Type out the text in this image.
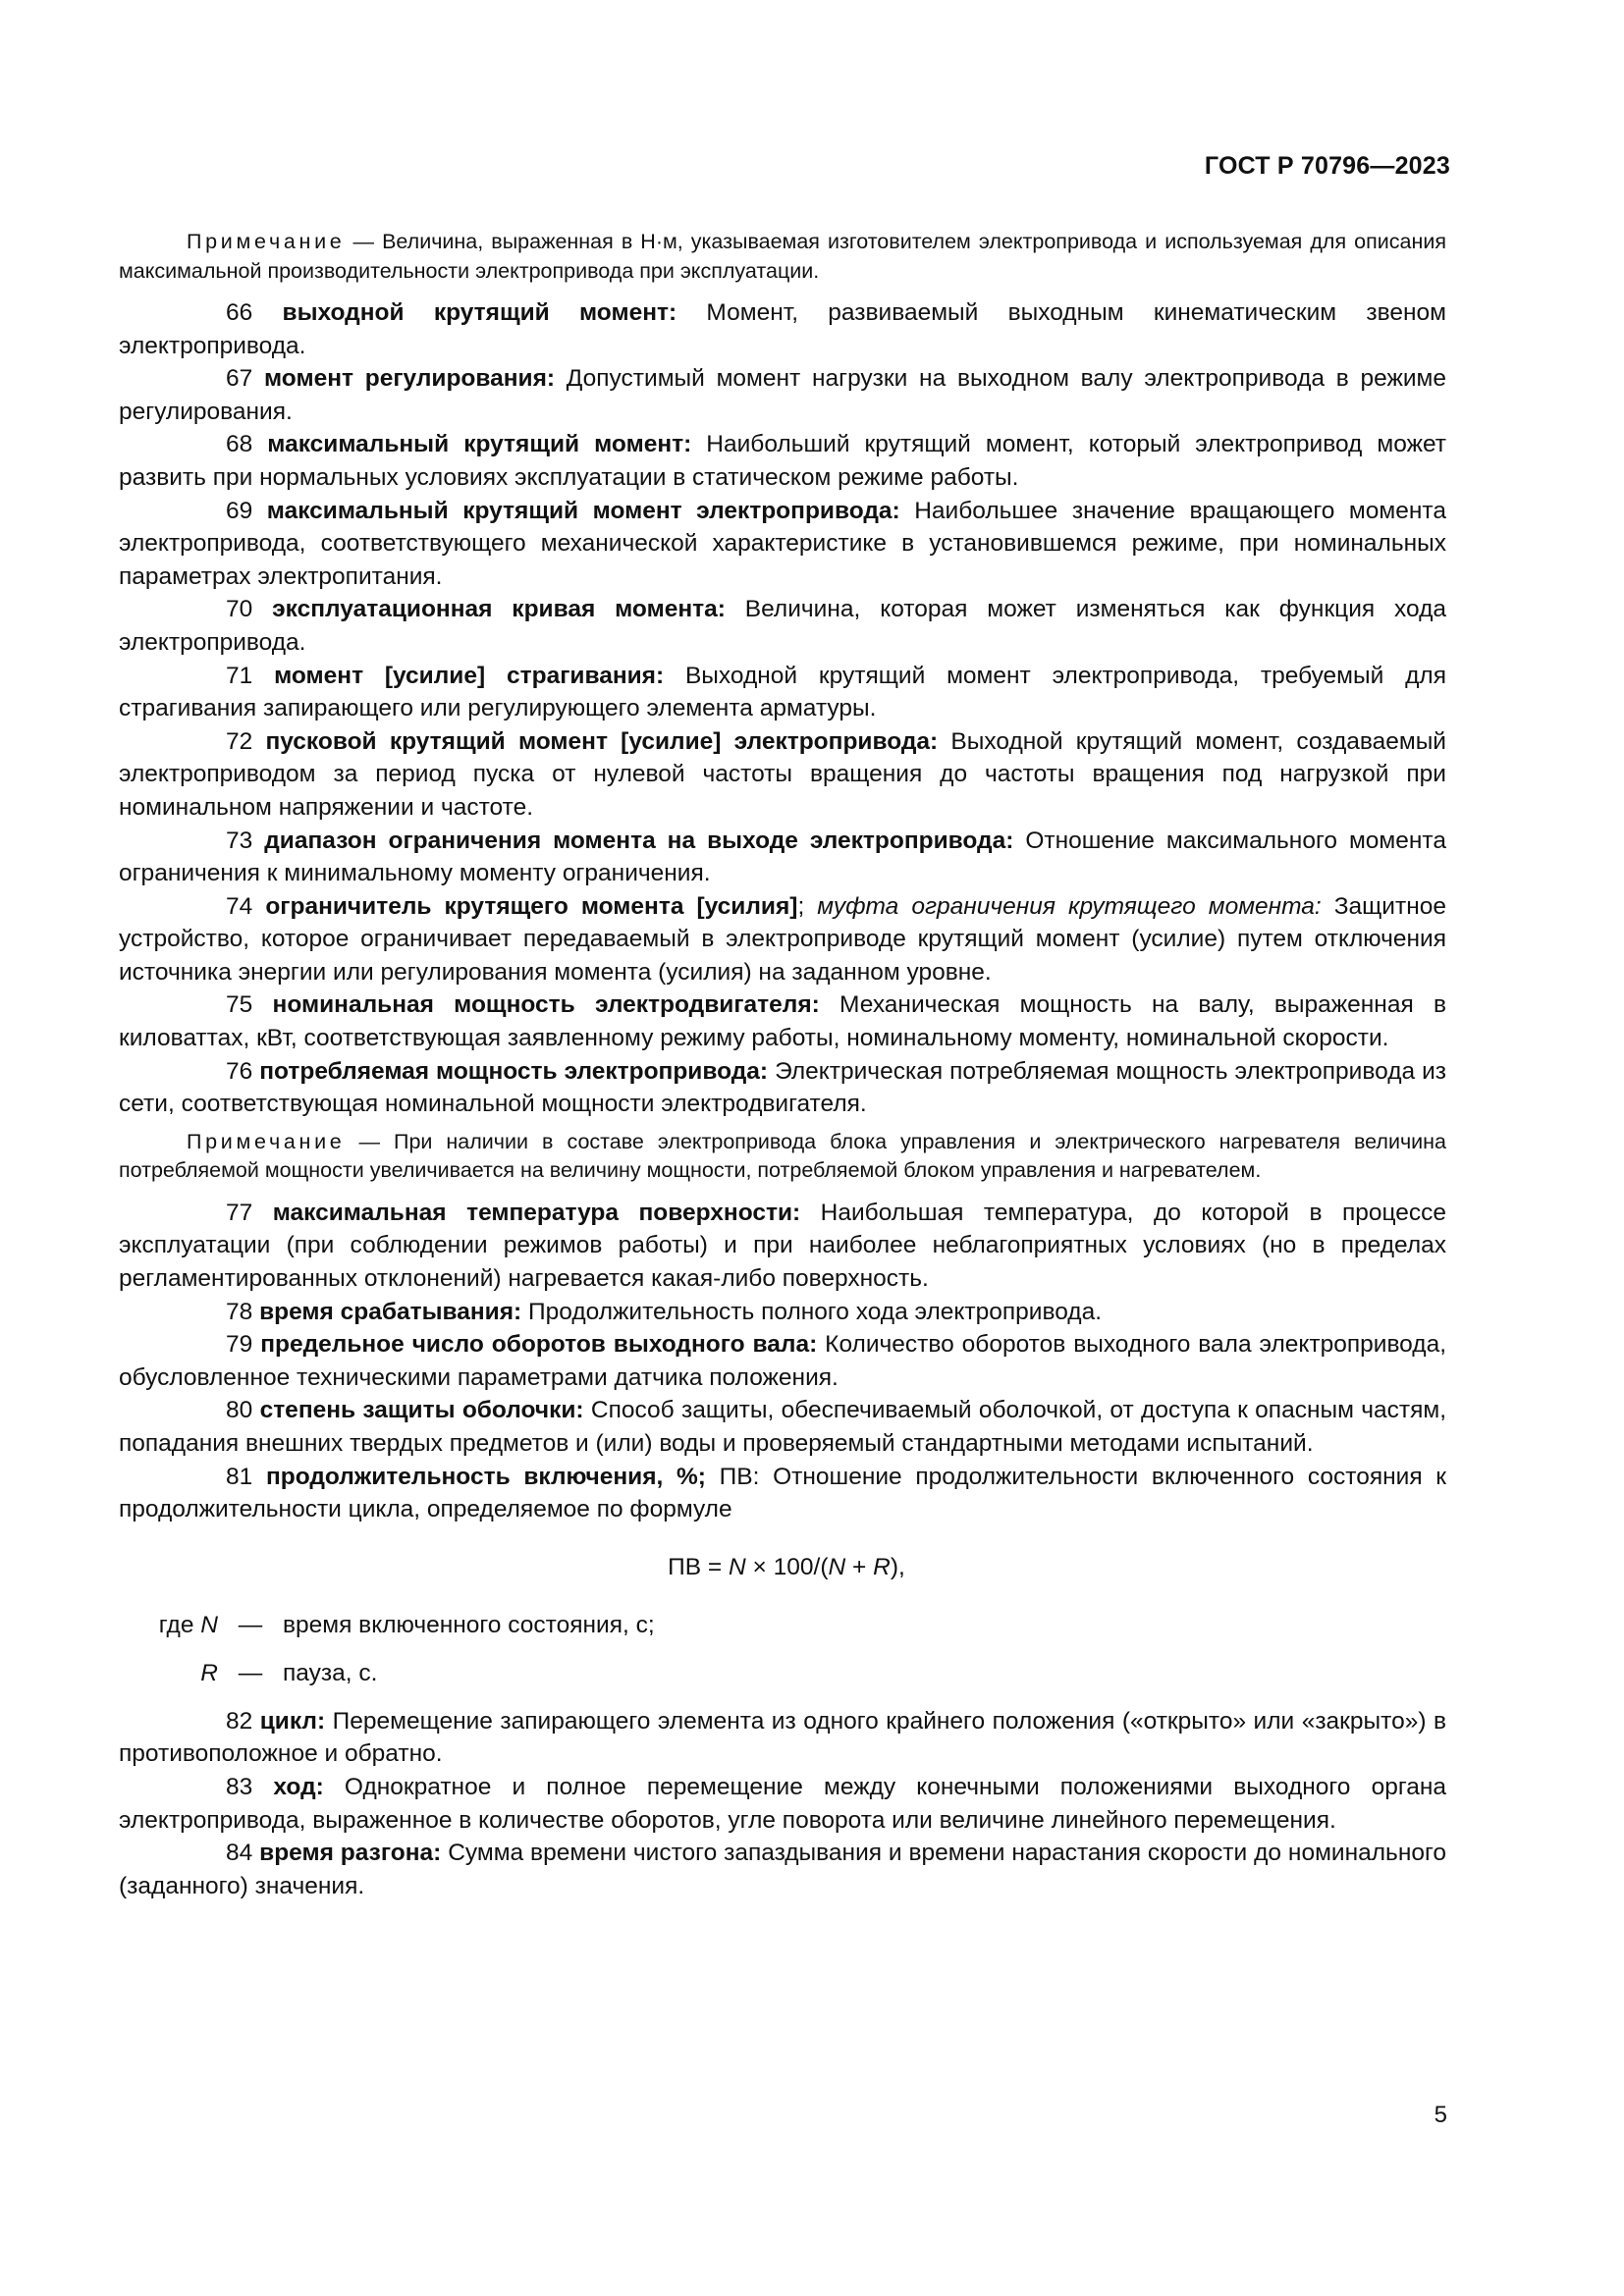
ГОСТ Р 70796—2023

Примечание — Величина, выраженная в Н·м, указываемая изготовителем электропривода и используемая для описания максимальной производительности электропривода при эксплуатации.

66 выходной крутящий момент: Момент, развиваемый выходным кинематическим звеном электропривода.

67 момент регулирования: Допустимый момент нагрузки на выходном валу электропривода в режиме регулирования.

68 максимальный крутящий момент: Наибольший крутящий момент, который электропривод может развить при нормальных условиях эксплуатации в статическом режиме работы.

69 максимальный крутящий момент электропривода: Наибольшее значение вращающего момента электропривода, соответствующего механической характеристике в установившемся режиме, при номинальных параметрах электропитания.

70 эксплуатационная кривая момента: Величина, которая может изменяться как функция хода электропривода.

71 момент [усилие] страгивания: Выходной крутящий момент электропривода, требуемый для страгивания запирающего или регулирующего элемента арматуры.

72 пусковой крутящий момент [усилие] электропривода: Выходной крутящий момент, создаваемый электроприводом за период пуска от нулевой частоты вращения до частоты вращения под нагрузкой при номинальном напряжении и частоте.

73 диапазон ограничения момента на выходе электропривода: Отношение максимального момента ограничения к минимальному моменту ограничения.

74 ограничитель крутящего момента [усилия]; муфта ограничения крутящего момента: Защитное устройство, которое ограничивает передаваемый в электроприводе крутящий момент (усилие) путем отключения источника энергии или регулирования момента (усилия) на заданном уровне.

75 номинальная мощность электродвигателя: Механическая мощность на валу, выраженная в киловаттах, кВт, соответствующая заявленному режиму работы, номинальному моменту, номинальной скорости.

76 потребляемая мощность электропривода: Электрическая потребляемая мощность электропривода из сети, соответствующая номинальной мощности электродвигателя.

Примечание — При наличии в составе электропривода блока управления и электрического нагревателя величина потребляемой мощности увеличивается на величину мощности, потребляемой блоком управления и нагревателем.

77 максимальная температура поверхности: Наибольшая температура, до которой в процессе эксплуатации (при соблюдении режимов работы) и при наиболее неблагоприятных условиях (но в пределах регламентированных отклонений) нагревается какая-либо поверхность.

78 время срабатывания: Продолжительность полного хода электропривода.

79 предельное число оборотов выходного вала: Количество оборотов выходного вала электропривода, обусловленное техническими параметрами датчика положения.

80 степень защиты оболочки: Способ защиты, обеспечиваемый оболочкой, от доступа к опасным частям, попадания внешних твердых предметов и (или) воды и проверяемый стандартными методами испытаний.

81 продолжительность включения, %; ПВ: Отношение продолжительности включенного состояния к продолжительности цикла, определяемое по формуле

ПВ = N × 100/(N + R),
где N — время включенного состояния, с;
R — пауза, с.

82 цикл: Перемещение запирающего элемента из одного крайнего положения («открыто» или «закрыто») в противоположное и обратно.

83 ход: Однократное и полное перемещение между конечными положениями выходного органа электропривода, выраженное в количестве оборотов, угле поворота или величине линейного перемещения.

84 время разгона: Сумма времени чистого запаздывания и времени нарастания скорости до номинального (заданного) значения.

5
